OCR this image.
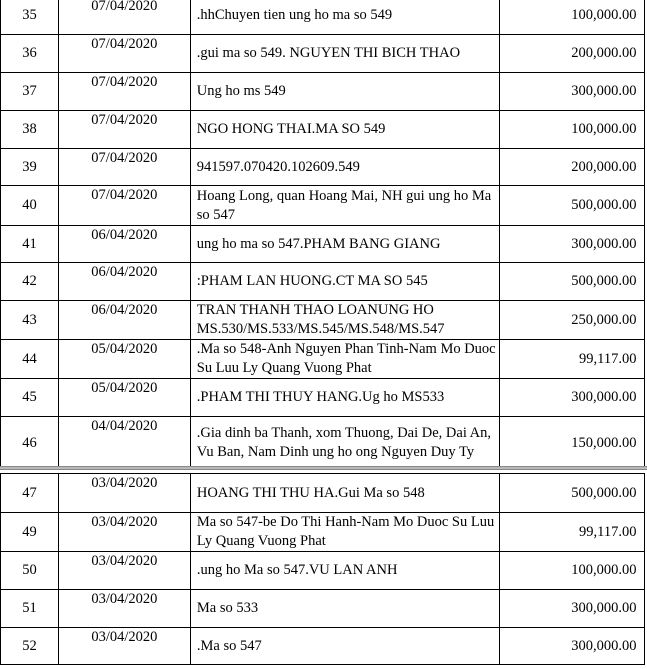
35	07/04/2020	.hhChuyen tien ung ho ma so 549	100,000.00	
36	07/04/2020	.gui ma so 549. NGUYEN THI BICH THAO	200,000.00	
37	07/04/2020	Ung ho ms 549	300,000.00	
38	07/04/2020	NGO HONG THAI.MA SO 549	100,000.00	
39	07/04/2020	941597.070420.102609.549	200,000.00	
40	07/04/2020	Hoang Long, quan Hoang Mai, NH gui ung ho Ma so 547	500,000.00	
41	06/04/2020	ung ho ma so 547.PHAM BANG GIANG	300,000.00	
42	06/04/2020	:PHAM LAN HUONG.CT MA SO 545	500,000.00	
43	06/04/2020	TRAN THANH THAO LOANUNG HO MS.530/MS.533/MS.545/MS.548/MS.547	250,000.00	
44	05/04/2020	.Ma so 548-Anh Nguyen Phan Tinh-Nam Mo Duoc Su Luu Ly Quang Vuong Phat	99,117.00	
45	05/04/2020	.PHAM THI THUY HANG.Ug ho MS533	300,000.00	
46	04/04/2020	.Gia dinh ba Thanh, xom Thuong, Dai De, Dai An, Vu Ban, Nam Dinh ung ho ong Nguyen Duy Ty	150,000.00	
47	03/04/2020	HOANG THI THU HA.Gui Ma so 548	500,000.00	
49	03/04/2020	Ma so 547-be Do Thi Hanh-Nam Mo Duoc Su Luu Ly Quang Vuong Phat	99,117.00	
50	03/04/2020	.ung ho Ma so 547.VU LAN ANH	100,000.00	
51	03/04/2020	Ma so 533	300,000.00	
52	03/04/2020	.Ma so 547	300,000.00	
